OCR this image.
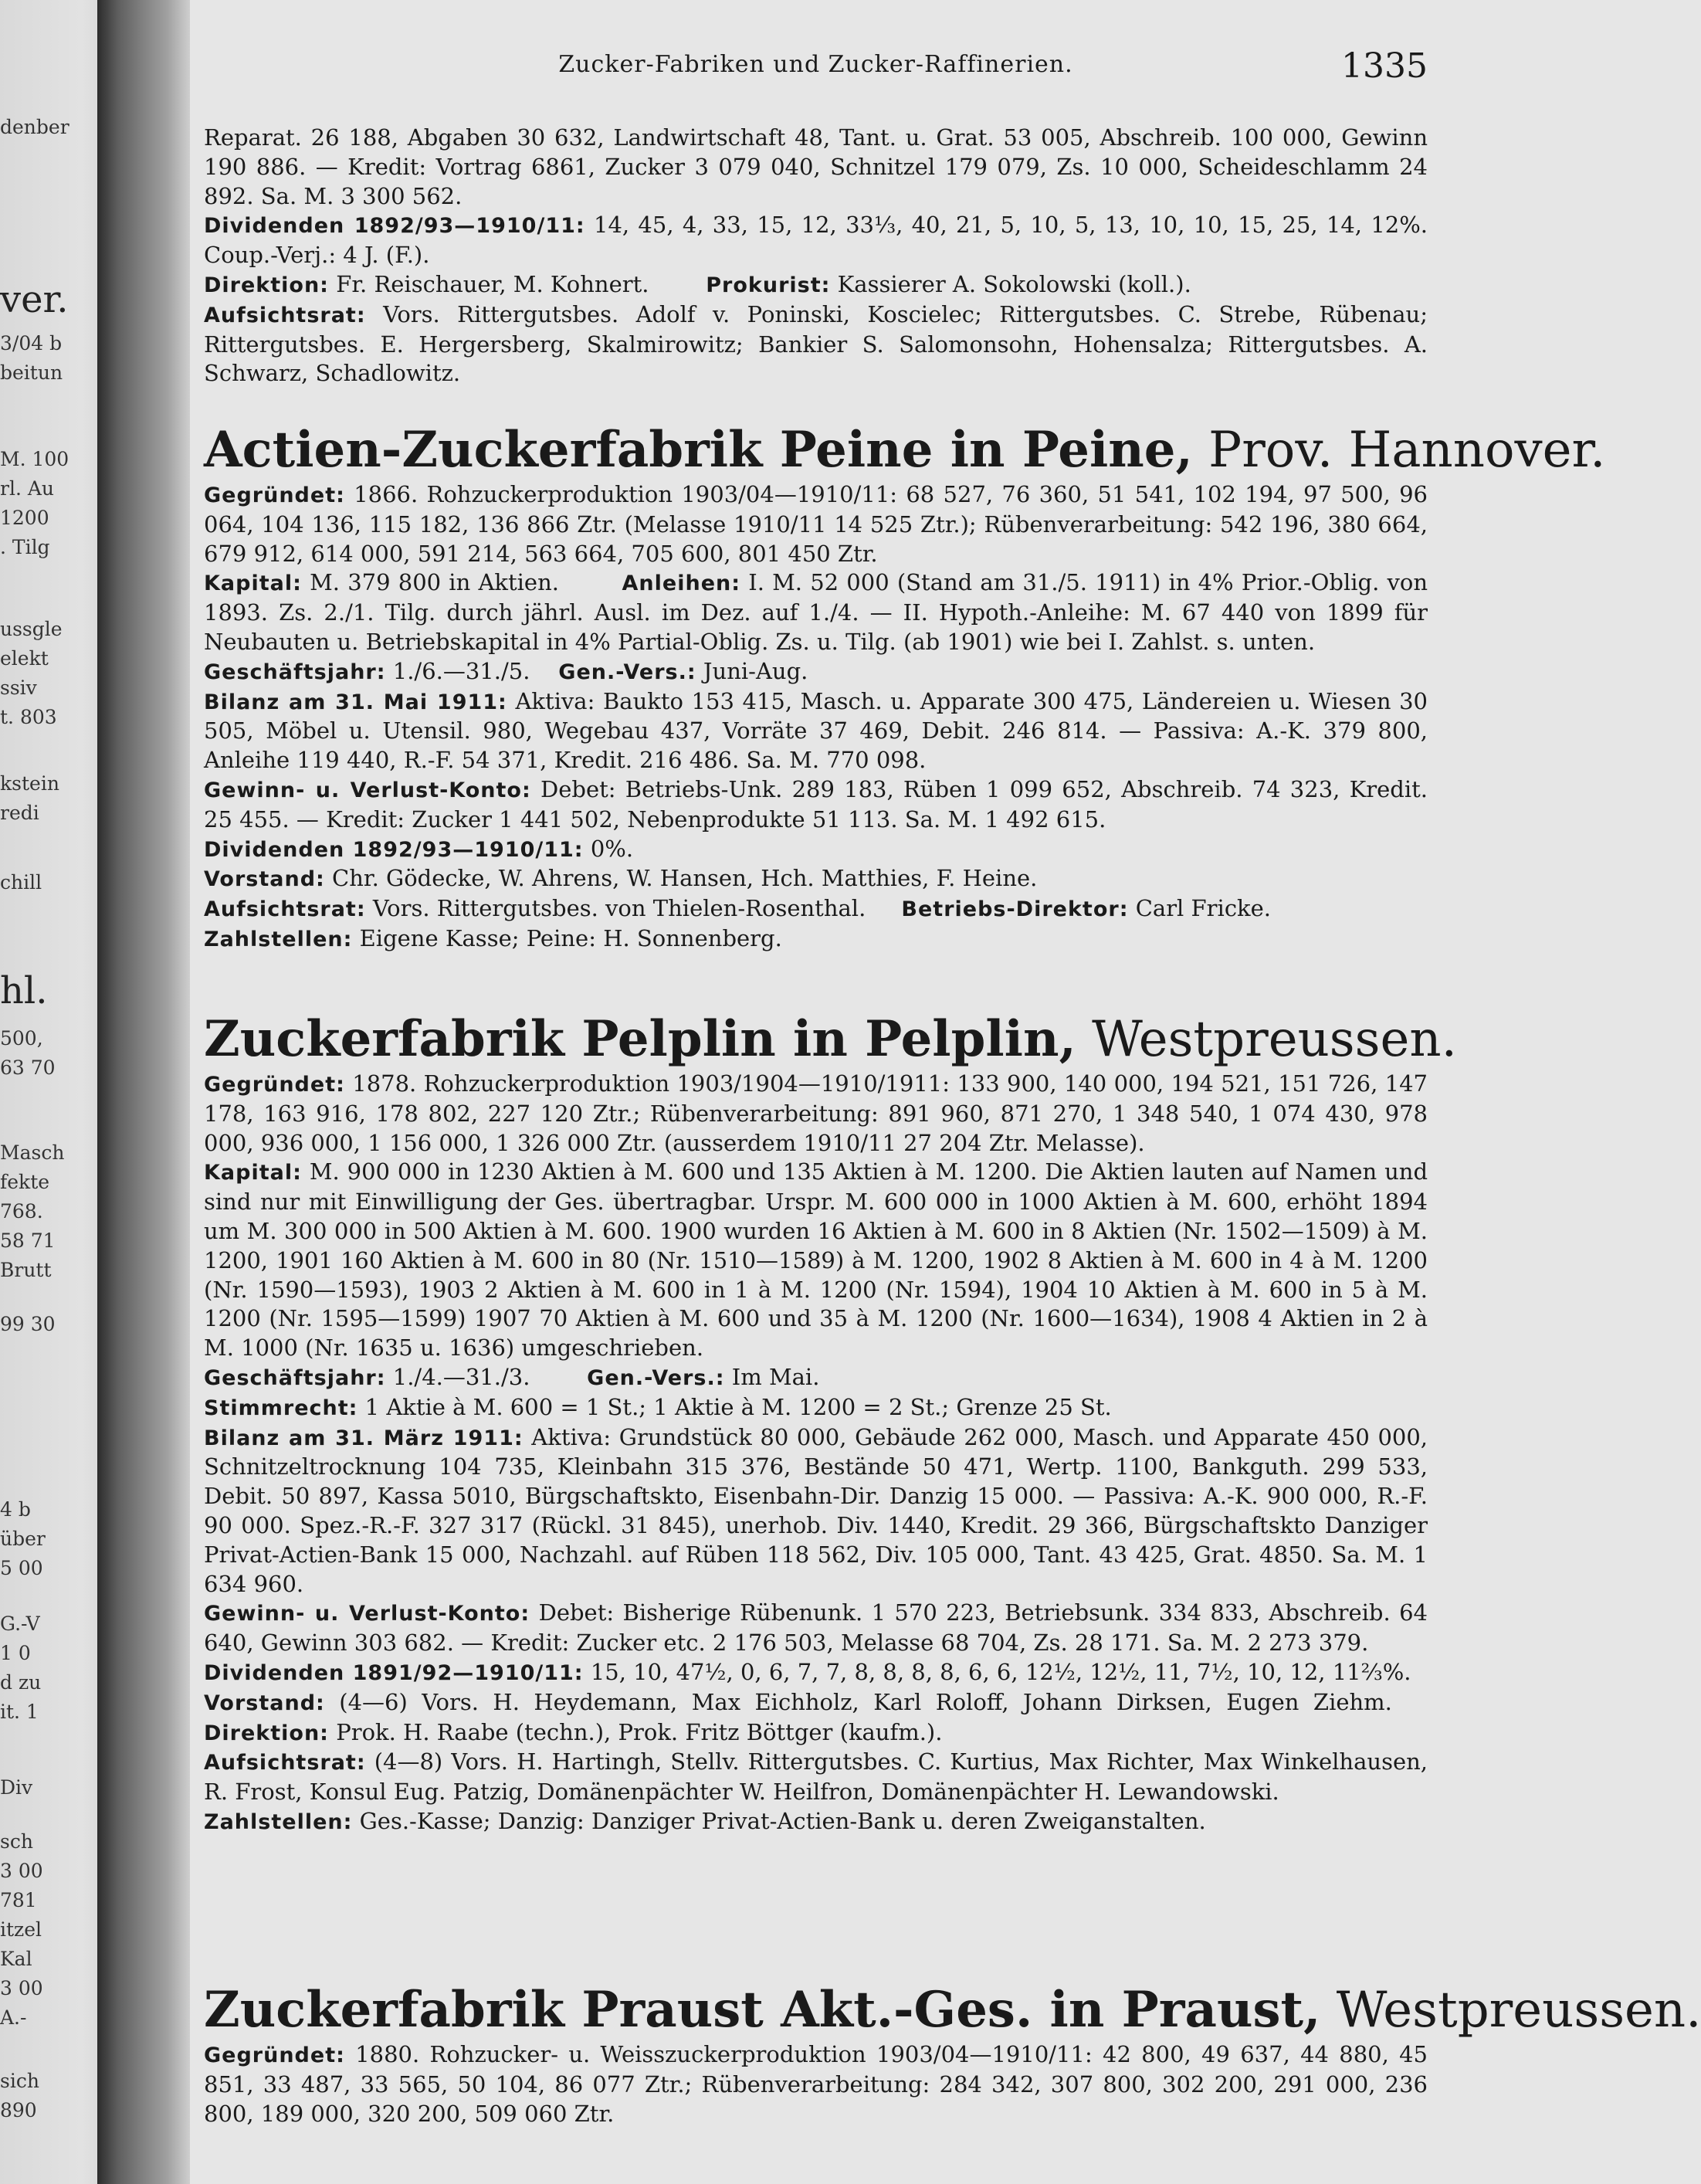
denber
ver.
3/04 b
beitun
M. 100
rl. Au
1200
. Tilg
ussgle
elekt
ssiv
t. 803
kstein
redi
chill
hl.
500,
63 70
Masch
fekte
768.
58 71
Brutt
99 30
4 b
über
5 00
G.-V
1 0
d zu
it. 1
Div
sch
3 00
781
itzel
Kal
3 00
A.-
sich
890
Zucker-Fabriken und Zucker-Raffinerien.	1335

Reparat. 26 188, Abgaben 30 632, Landwirtschaft 48, Tant. u. Grat. 53 005, Abschreib. 100 000, Gewinn 190 886. — Kredit: Vortrag 6861, Zucker 3 079 040, Schnitzel 179 079, Zs. 10 000, Scheideschlamm 24 892. Sa. M. 3 300 562.

Dividenden 1892/93—1910/11: 14, 45, 4, 33, 15, 12, 33⅓, 40, 21, 5, 10, 5, 13, 10, 10, 15, 25, 14, 12%. Coup.-Verj.: 4 J. (F.).

Direktion: Fr. Reischauer, M. Kohnert.	Prokurist: Kassierer A. Sokolowski (koll.).

Aufsichtsrat: Vors. Rittergutsbes. Adolf v. Poninski, Koscielec; Rittergutsbes. C. Strebe, Rübenau; Rittergutsbes. E. Hergersberg, Skalmirowitz; Bankier S. Salomonsohn, Hohensalza; Rittergutsbes. A. Schwarz, Schadlowitz.

Actien-Zuckerfabrik Peine in Peine, Prov. Hannover.

Gegründet: 1866. Rohzuckerproduktion 1903/04—1910/11: 68 527, 76 360, 51 541, 102 194, 97 500, 96 064, 104 136, 115 182, 136 866 Ztr. (Melasse 1910/11 14 525 Ztr.); Rübenverarbeitung: 542 196, 380 664, 679 912, 614 000, 591 214, 563 664, 705 600, 801 450 Ztr.

Kapital: M. 379 800 in Aktien.	Anleihen: I. M. 52 000 (Stand am 31./5. 1911) in 4% Prior.-Oblig. von 1893. Zs. 2./1. Tilg. durch jährl. Ausl. im Dez. auf 1./4. — II. Hypoth.-Anleihe: M. 67 440 von 1899 für Neubauten u. Betriebskapital in 4% Partial-Oblig. Zs. u. Tilg. (ab 1901) wie bei I. Zahlst. s. unten.

Geschäftsjahr: 1./6.—31./5. Gen.-Vers.: Juni-Aug.

Bilanz am 31. Mai 1911: Aktiva: Baukto 153 415, Masch. u. Apparate 300 475, Ländereien u. Wiesen 30 505, Möbel u. Utensil. 980, Wegebau 437, Vorräte 37 469, Debit. 246 814. — Passiva: A.-K. 379 800, Anleihe 119 440, R.-F. 54 371, Kredit. 216 486. Sa. M. 770 098.

Gewinn- u. Verlust-Konto: Debet: Betriebs-Unk. 289 183, Rüben 1 099 652, Abschreib. 74 323, Kredit. 25 455. — Kredit: Zucker 1 441 502, Nebenprodukte 51 113. Sa. M. 1 492 615.

Dividenden 1892/93—1910/11: 0%.

Vorstand: Chr. Gödecke, W. Ahrens, W. Hansen, Hch. Matthies, F. Heine.

Aufsichtsrat: Vors. Rittergutsbes. von Thielen-Rosenthal. Betriebs-Direktor: Carl Fricke.

Zahlstellen: Eigene Kasse; Peine: H. Sonnenberg.

Zuckerfabrik Pelplin in Pelplin, Westpreussen.

Gegründet: 1878. Rohzuckerproduktion 1903/1904—1910/1911: 133 900, 140 000, 194 521, 151 726, 147 178, 163 916, 178 802, 227 120 Ztr.; Rübenverarbeitung: 891 960, 871 270, 1 348 540, 1 074 430, 978 000, 936 000, 1 156 000, 1 326 000 Ztr. (ausserdem 1910/11 27 204 Ztr. Melasse).

Kapital: M. 900 000 in 1230 Aktien à M. 600 und 135 Aktien à M. 1200. Die Aktien lauten auf Namen und sind nur mit Einwilligung der Ges. übertragbar. Urspr. M. 600 000 in 1000 Aktien à M. 600, erhöht 1894 um M. 300 000 in 500 Aktien à M. 600. 1900 wurden 16 Aktien à M. 600 in 8 Aktien (Nr. 1502—1509) à M. 1200, 1901 160 Aktien à M. 600 in 80 (Nr. 1510—1589) à M. 1200, 1902 8 Aktien à M. 600 in 4 à M. 1200 (Nr. 1590—1593), 1903 2 Aktien à M. 600 in 1 à M. 1200 (Nr. 1594), 1904 10 Aktien à M. 600 in 5 à M. 1200 (Nr. 1595—1599) 1907 70 Aktien à M. 600 und 35 à M. 1200 (Nr. 1600—1634), 1908 4 Aktien in 2 à M. 1000 (Nr. 1635 u. 1636) umgeschrieben.

Geschäftsjahr: 1./4.—31./3.	Gen.-Vers.: Im Mai.

Stimmrecht: 1 Aktie à M. 600 = 1 St.; 1 Aktie à M. 1200 = 2 St.; Grenze 25 St.

Bilanz am 31. März 1911: Aktiva: Grundstück 80 000, Gebäude 262 000, Masch. und Apparate 450 000, Schnitzeltrocknung 104 735, Kleinbahn 315 376, Bestände 50 471, Wertp. 1100, Bankguth. 299 533, Debit. 50 897, Kassa 5010, Bürgschaftskto, Eisenbahn-Dir. Danzig 15 000. — Passiva: A.-K. 900 000, R.-F. 90 000. Spez.-R.-F. 327 317 (Rückl. 31 845), unerhob. Div. 1440, Kredit. 29 366, Bürgschaftskto Danziger Privat-Actien-Bank 15 000, Nachzahl. auf Rüben 118 562, Div. 105 000, Tant. 43 425, Grat. 4850. Sa. M. 1 634 960.

Gewinn- u. Verlust-Konto: Debet: Bisherige Rübenunk. 1 570 223, Betriebsunk. 334 833, Abschreib. 64 640, Gewinn 303 682. — Kredit: Zucker etc. 2 176 503, Melasse 68 704, Zs. 28 171. Sa. M. 2 273 379.

Dividenden 1891/92—1910/11: 15, 10, 47½, 0, 6, 7, 7, 8, 8, 8, 8, 6, 6, 12½, 12½, 11, 7½, 10, 12, 11⅔%.

Vorstand: (4—6) Vors. H. Heydemann, Max Eichholz, Karl Roloff, Johann Dirksen, Eugen Ziehm.    Direktion: Prok. H. Raabe (techn.), Prok. Fritz Böttger (kaufm.).

Aufsichtsrat: (4—8) Vors. H. Hartingh, Stellv. Rittergutsbes. C. Kurtius, Max Richter, Max Winkelhausen, R. Frost, Konsul Eug. Patzig, Domänenpächter W. Heilfron, Domänenpächter H. Lewandowski.

Zahlstellen: Ges.-Kasse; Danzig: Danziger Privat-Actien-Bank u. deren Zweiganstalten.

Zuckerfabrik Praust Akt.-Ges. in Praust, Westpreussen.

Gegründet: 1880. Rohzucker- u. Weisszuckerproduktion 1903/04—1910/11: 42 800, 49 637, 44 880, 45 851, 33 487, 33 565, 50 104, 86 077 Ztr.; Rübenverarbeitung: 284 342, 307 800, 302 200, 291 000, 236 800, 189 000, 320 200, 509 060 Ztr.
